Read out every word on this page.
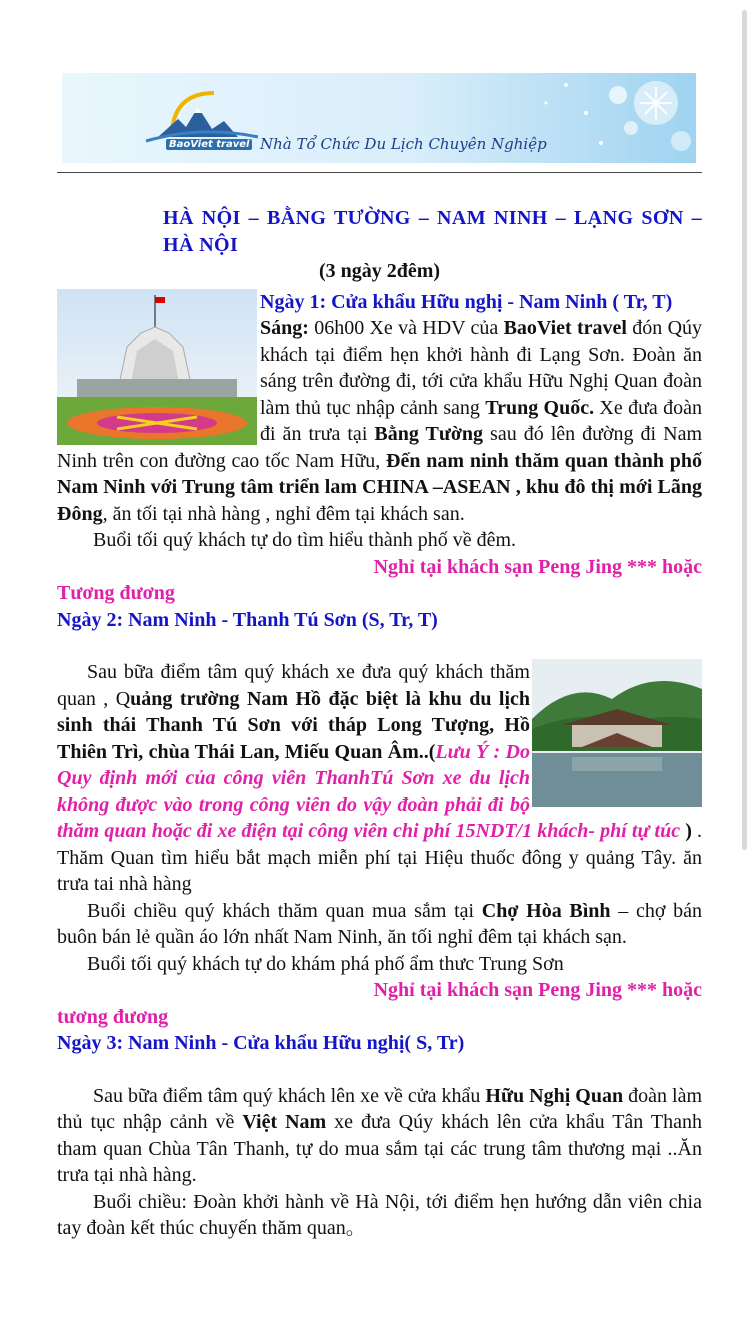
BaoViet travel Nhà Tổ Chức Du Lịch Chuyên Nghiệp

HÀ NỘI – BẰNG TƯỜNG – NAM NINH – LẠNG SƠN – HÀ NỘI

(3 ngày 2đêm)

Ngày 1: Cửa khẩu Hữu nghị - Nam Ninh ( Tr, T)

Sáng: 06h00 Xe và HDV của BaoViet travel đón Qúy khách tại điểm hẹn khởi hành đi Lạng Sơn. Đoàn ăn sáng trên đường đi, tới cửa khẩu Hữu Nghị Quan đoàn làm thủ tục nhập cảnh sang Trung Quốc. Xe đưa đoàn đi ăn trưa tại Bằng Tường sau đó lên đường đi Nam Ninh trên con đường cao tốc Nam Hữu, Đến nam ninh thăm quan thành phố Nam Ninh với Trung tâm triển lam CHINA –ASEAN , khu đô thị mới Lãng Đông, ăn tối tại nhà hàng , nghỉ đêm tại khách san.

Buổi tối quý khách tự do tìm hiểu thành phố về đêm.

Nghỉ tại khách sạn Peng Jing *** hoặc

Tương đương

Ngày 2: Nam Ninh - Thanh Tú Sơn (S, Tr, T)

Sau bữa điểm tâm quý khách xe đưa quý khách thăm quan , Quảng trường Nam Hồ đặc biệt là khu du lịch sinh thái Thanh Tú Sơn với tháp Long Tượng, Hồ Thiên Trì, chùa Thái Lan, Miếu Quan Âm..(Lưu Ý : Do Quy định mới của công viên ThanhTú Sơn xe du lịch không được vào trong công viên do vậy đoàn phải đi bộ thăm quan hoặc đi xe điện tại công viên chi phí 15NDT/1 khách- phí tự túc ) . Thăm Quan tìm hiểu bắt mạch miễn phí tại Hiệu thuốc đông y quảng Tây. ăn trưa tai nhà hàng

Buổi chiều quý khách thăm quan mua sắm tại Chợ Hòa Bình – chợ bán buôn bán lẻ quần áo lớn nhất Nam Ninh, ăn tối nghỉ đêm tại khách sạn.

Buổi tối quý khách tự do khám phá phố ẩm thưc Trung Sơn

Nghỉ tại khách sạn Peng Jing *** hoặc

tương đương

Ngày 3: Nam Ninh - Cửa khẩu Hữu nghị( S, Tr)

Sau bữa điểm tâm quý khách lên xe về cửa khẩu Hữu Nghị Quan đoàn làm thủ tục nhập cảnh về Việt Nam xe đưa Qúy khách lên cửa khẩu Tân Thanh tham quan Chùa Tân Thanh, tự do mua sắm tại các trung tâm thương mại ..Ăn trưa tại nhà hàng.

Buổi chiều: Đoàn khởi hành về Hà Nội, tới điểm hẹn hướng dẫn viên chia tay đoàn kết thúc chuyến thăm quan。
